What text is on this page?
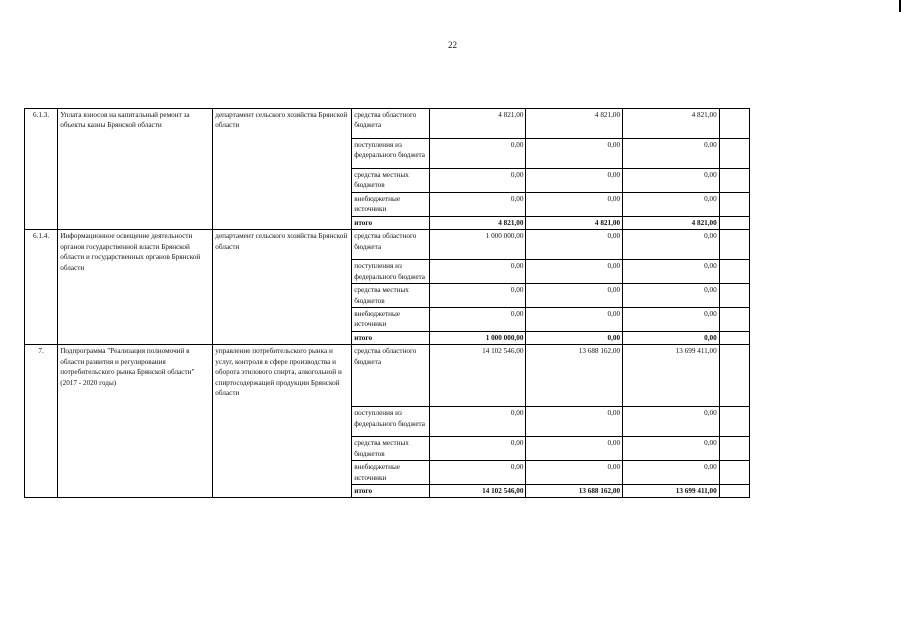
22
6.1.3.	Уплата взносов на капитальный ремонт за объекты казны Брянской области	департамент сельского хозяйства Брянской области	средства областного бюджета	4 821,00	4 821,00	4 821,00	
			поступления из федерального бюджета	0,00	0,00	0,00	
			средства местных бюджетов	0,00	0,00	0,00	
			внебюджетные источники	0,00	0,00	0,00	
			итого	4 821,00	4 821,00	4 821,00	
6.1.4.	Информационное освещение деятельности органов государственной власти Брянской области и государственных органов Брянской области	департамент сельского хозяйства Брянской области	средства областного бюджета	1 000 000,00	0,00	0,00	
			поступления из федерального бюджета	0,00	0,00	0,00	
			средства местных бюджетов	0,00	0,00	0,00	
			внебюджетные источники	0,00	0,00	0,00	
			итого	1 000 000,00	0,00	0,00	
7.	Подпрограмма "Реализация полномочий в области развития и регулирования потребительского рынка Брянской области" (2017 - 2020 годы)	управление потребительского рынка и услуг, контроля в сфере производства и оборота этилового спирта, алкогольной и спиртосодержащей продукции Брянской области	средства областного бюджета	14 102 546,00	13 688 162,00	13 699 411,00	
			поступления из федерального бюджета	0,00	0,00	0,00	
			средства местных бюджетов	0,00	0,00	0,00	
			внебюджетные источники	0,00	0,00	0,00	
			итого	14 102 546,00	13 688 162,00	13 699 411,00	
